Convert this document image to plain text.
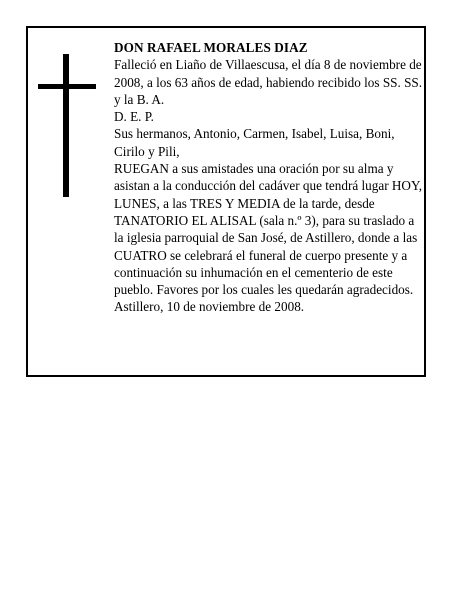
DON RAFAEL MORALES DIAZ

Falleció en Liaño de Villaescusa, el día 8 de noviembre de 2008, a los 63 años de edad, habiendo recibido los SS. SS. y la B. A.

D. E. P.

Sus hermanos, Antonio, Carmen, Isabel, Luisa, Boni, Cirilo y Pili,

RUEGAN a sus amistades una oración por su alma y asistan a la conducción del cadáver que tendrá lugar HOY, LUNES, a las TRES Y MEDIA de la tarde, desde TANATORIO EL ALISAL (sala n.º 3), para su traslado a la iglesia parroquial de San José, de Astillero, donde a las CUATRO se celebrará el funeral de cuerpo presente y a continuación su inhumación en el cementerio de este pueblo. Favores por los cuales les quedarán agradecidos.

Astillero, 10 de noviembre de 2008.
